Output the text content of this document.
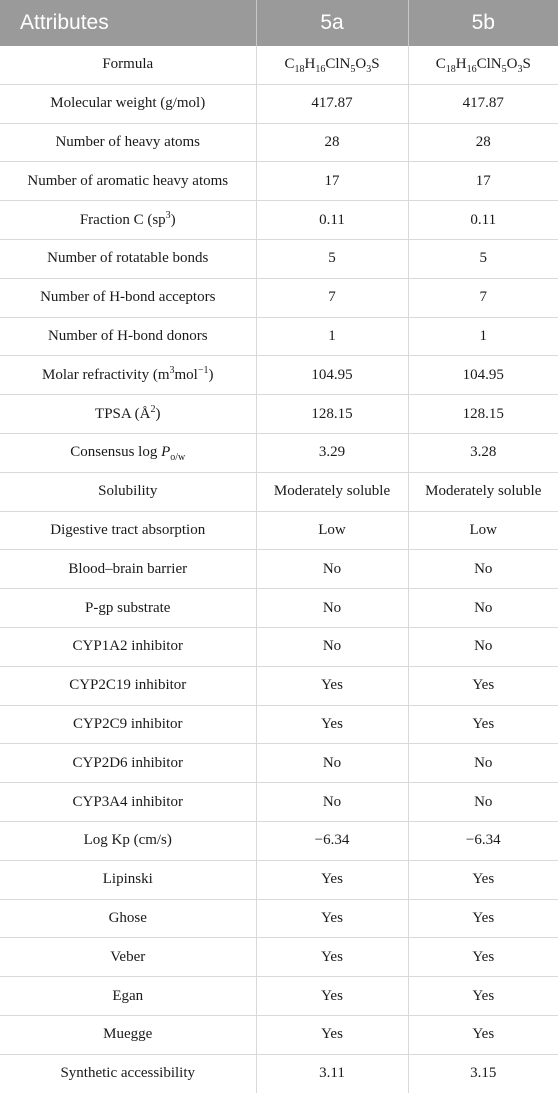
Attributes	5a	5b
Formula	$C_{18}H_{16}ClN_5O_3S$	$C_{18}H_{16}ClN_5O_3S$
Molecular weight (g/mol)	417.87	417.87
Number of heavy atoms	28	28
Number of aromatic heavy atoms	17	17
Fraction C $(sp^3)$	0.11	0.11
Number of rotatable bonds	5	5
Number of H-bond acceptors	7	7
Number of H-bond donors	1	1
Molar refractivity $(m^3mol^{-1})$	104.95	104.95
TPSA $(Å^2)$	128.15	128.15
Consensus $\log P_{o/w}$	3.29	3.28
Solubility	Moderately soluble	Moderately soluble
Digestive tract absorption	Low	Low
Blood–brain barrier	No	No
P-gp substrate	No	No
CYP1A2 inhibitor	No	No
CYP2C19 inhibitor	Yes	Yes
CYP2C9 inhibitor	Yes	Yes
CYP2D6 inhibitor	No	No
CYP3A4 inhibitor	No	No
Log Kp (cm/s)	−6.34	−6.34
Lipinski	Yes	Yes
Ghose	Yes	Yes
Veber	Yes	Yes
Egan	Yes	Yes
Muegge	Yes	Yes
Synthetic accessibility	3.11	3.15
